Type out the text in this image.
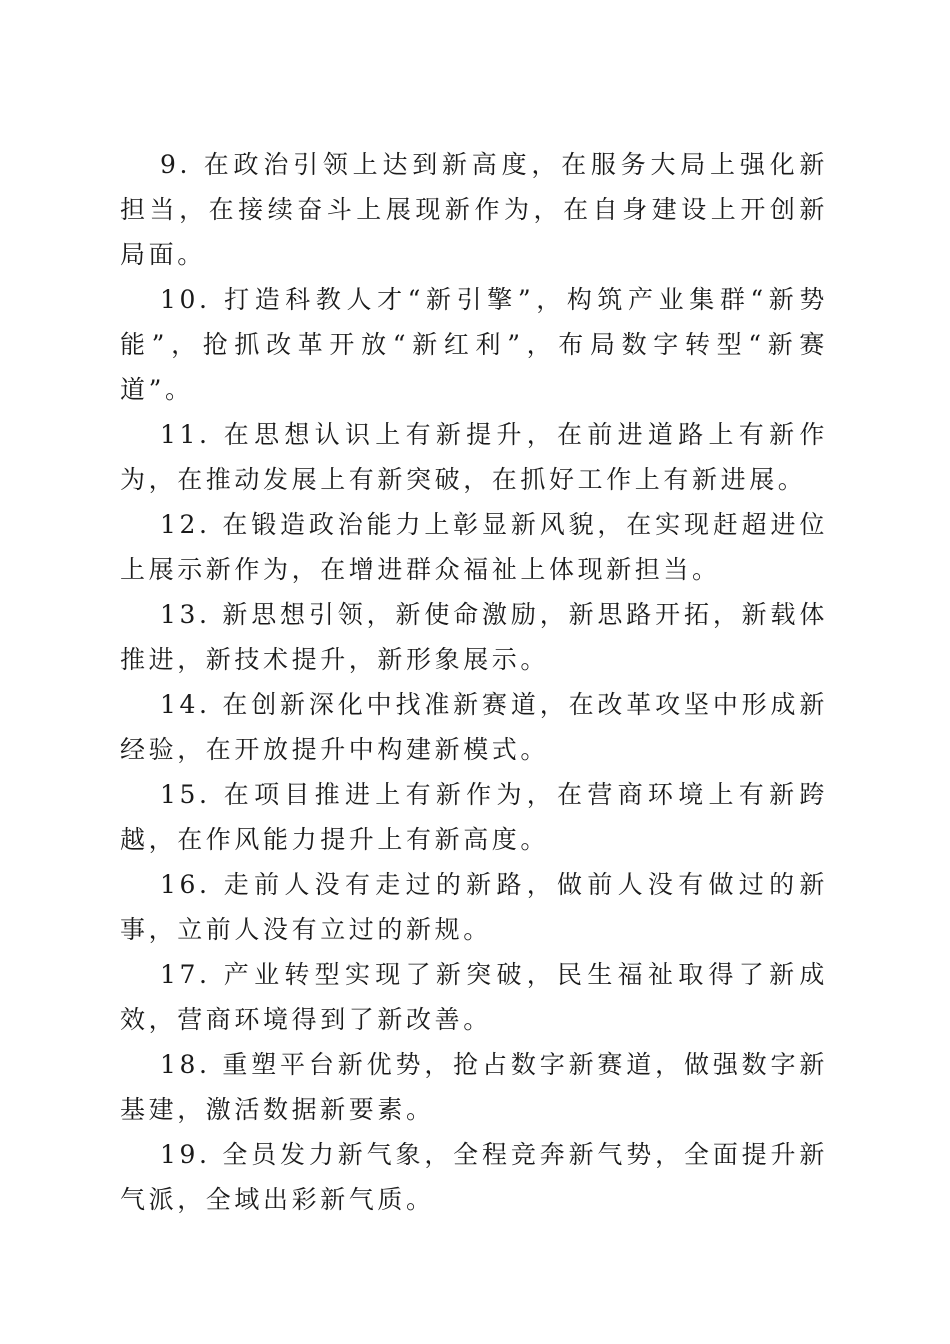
9. 在政治引领上达到新高度，在服务大局上强化新担当，在接续奋斗上展现新作为，在自身建设上开创新局面。

10. 打造科教人才“新引擎”，构筑产业集群“新势能”，抢抓改革开放“新红利”，布局数字转型“新赛道”。

11. 在思想认识上有新提升，在前进道路上有新作为，在推动发展上有新突破，在抓好工作上有新进展。

12. 在锻造政治能力上彰显新风貌，在实现赶超进位上展示新作为，在增进群众福祉上体现新担当。

13. 新思想引领，新使命激励，新思路开拓，新载体推进，新技术提升，新形象展示。

14. 在创新深化中找准新赛道，在改革攻坚中形成新经验，在开放提升中构建新模式。

15. 在项目推进上有新作为，在营商环境上有新跨越，在作风能力提升上有新高度。

16. 走前人没有走过的新路，做前人没有做过的新事，立前人没有立过的新规。

17. 产业转型实现了新突破，民生福祉取得了新成效，营商环境得到了新改善。

18. 重塑平台新优势，抢占数字新赛道，做强数字新基建，激活数据新要素。

19. 全员发力新气象，全程竞奔新气势，全面提升新气派，全域出彩新气质。
